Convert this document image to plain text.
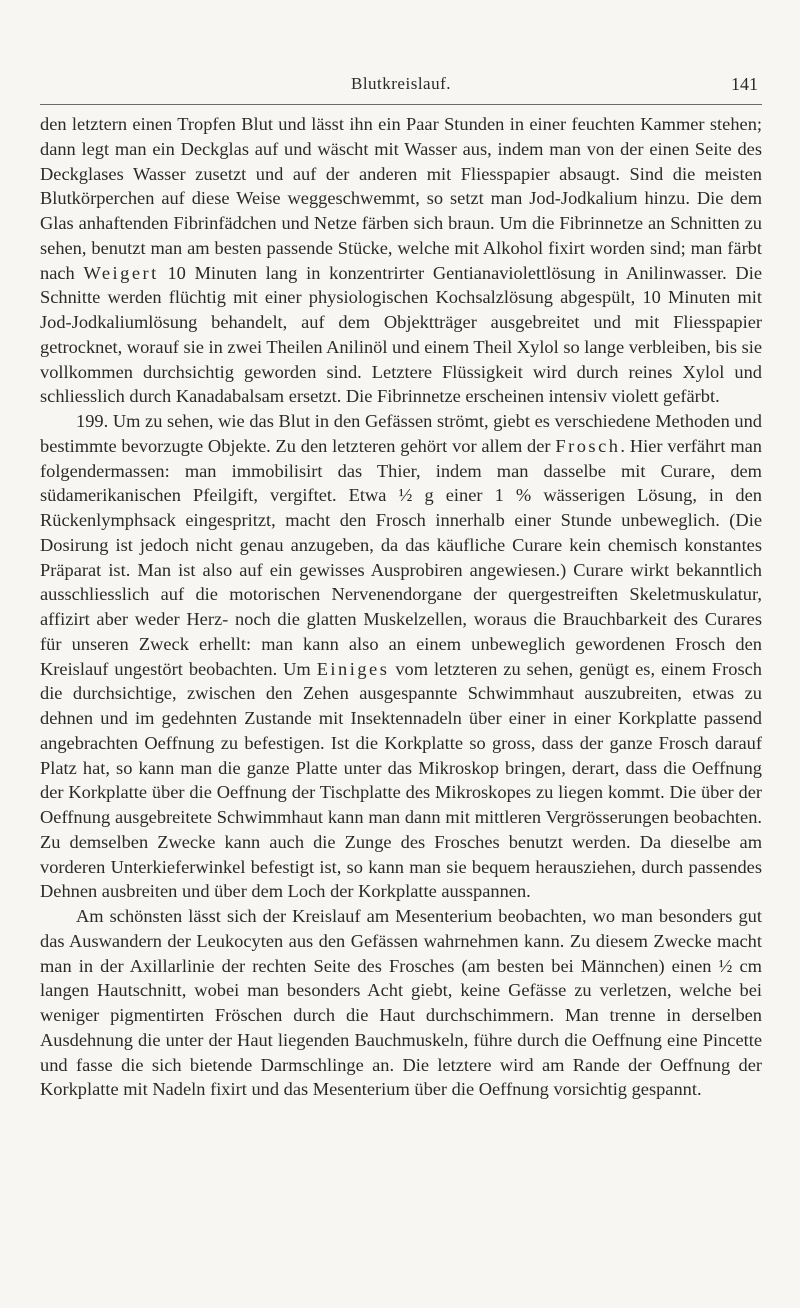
Blutkreislauf.	141

den letztern einen Tropfen Blut und lässt ihn ein Paar Stunden in einer feuchten Kammer stehen; dann legt man ein Deckglas auf und wäscht mit Wasser aus, indem man von der einen Seite des Deckglases Wasser zusetzt und auf der anderen mit Fliesspapier absaugt. Sind die meisten Blutkörperchen auf diese Weise weggeschwemmt, so setzt man Jod-Jodkalium hinzu. Die dem Glas anhaftenden Fibrinfädchen und Netze färben sich braun. Um die Fibrinnetze an Schnitten zu sehen, benutzt man am besten passende Stücke, welche mit Alkohol fixirt worden sind; man färbt nach Weigert 10 Minuten lang in konzentrirter Gentianaviolettlösung in Anilinwasser. Die Schnitte werden flüchtig mit einer physiologischen Kochsalzlösung abgespült, 10 Minuten mit Jod-Jodkaliumlösung behandelt, auf dem Objektträger ausgebreitet und mit Fliesspapier getrocknet, worauf sie in zwei Theilen Anilinöl und einem Theil Xylol so lange verbleiben, bis sie vollkommen durchsichtig geworden sind. Letztere Flüssigkeit wird durch reines Xylol und schliesslich durch Kanadabalsam ersetzt. Die Fibrinnetze erscheinen intensiv violett gefärbt.

199. Um zu sehen, wie das Blut in den Gefässen strömt, giebt es verschiedene Methoden und bestimmte bevorzugte Objekte. Zu den letzteren gehört vor allem der Frosch. Hier verfährt man folgendermassen: man immobilisirt das Thier, indem man dasselbe mit Curare, dem südamerikanischen Pfeilgift, vergiftet. Etwa ½ g einer 1 % wässerigen Lösung, in den Rückenlymphsack eingespritzt, macht den Frosch innerhalb einer Stunde unbeweglich. (Die Dosirung ist jedoch nicht genau anzugeben, da das käufliche Curare kein chemisch konstantes Präparat ist. Man ist also auf ein gewisses Ausprobiren angewiesen.) Curare wirkt bekanntlich ausschliesslich auf die motorischen Nervenendorgane der quergestreiften Skeletmuskulatur, affizirt aber weder Herz- noch die glatten Muskelzellen, woraus die Brauchbarkeit des Curares für unseren Zweck erhellt: man kann also an einem unbeweglich gewordenen Frosch den Kreislauf ungestört beobachten. Um Einiges vom letzteren zu sehen, genügt es, einem Frosch die durchsichtige, zwischen den Zehen ausgespannte Schwimmhaut auszubreiten, etwas zu dehnen und im gedehnten Zustande mit Insektennadeln über einer in einer Korkplatte passend angebrachten Oeffnung zu befestigen. Ist die Korkplatte so gross, dass der ganze Frosch darauf Platz hat, so kann man die ganze Platte unter das Mikroskop bringen, derart, dass die Oeffnung der Korkplatte über die Oeffnung der Tischplatte des Mikroskopes zu liegen kommt. Die über der Oeffnung ausgebreitete Schwimmhaut kann man dann mit mittleren Vergrösserungen beobachten. Zu demselben Zwecke kann auch die Zunge des Frosches benutzt werden. Da dieselbe am vorderen Unterkieferwinkel befestigt ist, so kann man sie bequem herausziehen, durch passendes Dehnen ausbreiten und über dem Loch der Korkplatte ausspannen.

Am schönsten lässt sich der Kreislauf am Mesenterium beobachten, wo man besonders gut das Auswandern der Leukocyten aus den Gefässen wahrnehmen kann. Zu diesem Zwecke macht man in der Axillarlinie der rechten Seite des Frosches (am besten bei Männchen) einen ½ cm langen Hautschnitt, wobei man besonders Acht giebt, keine Gefässe zu verletzen, welche bei weniger pigmentirten Fröschen durch die Haut durchschimmern. Man trenne in derselben Ausdehnung die unter der Haut liegenden Bauchmuskeln, führe durch die Oeffnung eine Pincette und fasse die sich bietende Darmschlinge an. Die letztere wird am Rande der Oeffnung der Korkplatte mit Nadeln fixirt und das Mesenterium über die Oeffnung vorsichtig gespannt.
